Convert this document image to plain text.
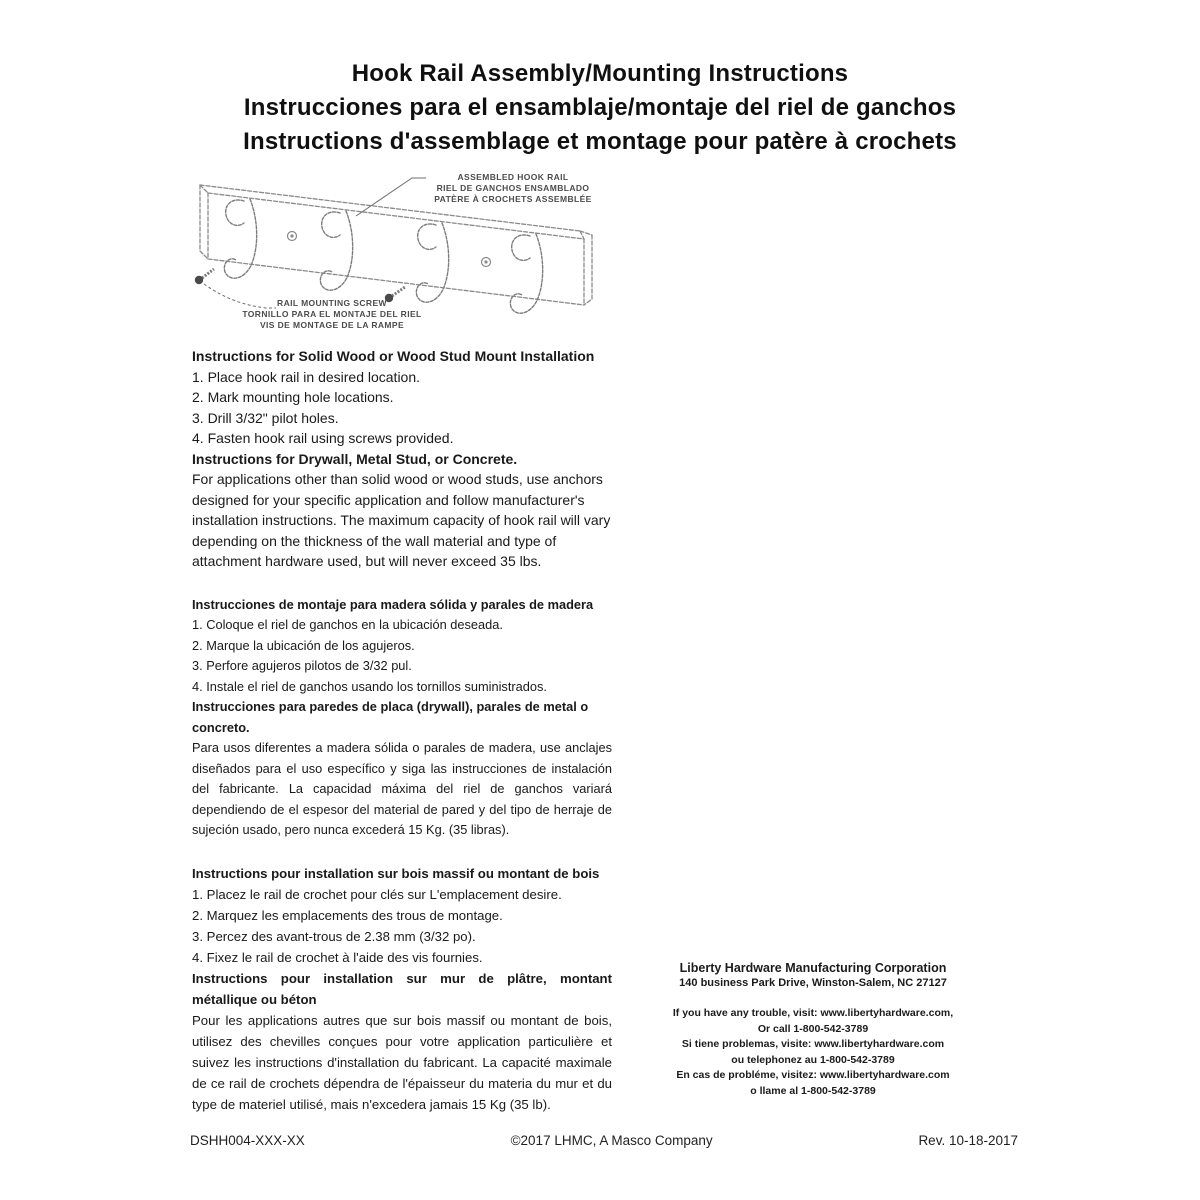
Hook Rail Assembly/Mounting Instructions
Instrucciones para el ensamblaje/montaje del riel de ganchos
Instructions d'assemblage et montage pour patère à crochets
ASSEMBLED HOOK RAIL
RIEL DE GANCHOS ENSAMBLADO
PATÈRE À CROCHETS ASSEMBLÉE
RAIL MOUNTING SCREW
TORNILLO PARA EL MONTAJE DEL RIEL
VIS DE MONTAGE DE LA RAMPE
Instructions for Solid Wood or Wood Stud Mount Installation
1. Place hook rail in desired location.
2. Mark mounting hole locations.
3. Drill 3/32" pilot holes.
4. Fasten hook rail using screws provided.
Instructions for Drywall, Metal Stud, or Concrete.

For applications other than solid wood or wood studs, use anchors designed for your specific application and follow manufacturer's installation instructions. The maximum capacity of hook rail will vary depending on the thickness of the wall material and type of attachment hardware used, but will never exceed 35 lbs.

Instrucciones de montaje para madera sólida y parales de madera
1. Coloque el riel de ganchos en la ubicación deseada.
2. Marque la ubicación de los agujeros.
3. Perfore agujeros pilotos de 3/32 pul.
4. Instale el riel de ganchos usando los tornillos suministrados.
Instrucciones para paredes de placa (drywall), parales de metal o concreto.

Para usos diferentes a madera sólida o parales de madera, use anclajes diseñados para el uso específico y siga las instrucciones de instalación del fabricante. La capacidad máxima del riel de ganchos variará dependiendo de el espesor del material de pared y del tipo de herraje de sujeción usado, pero nunca excederá 15 Kg. (35 libras).

Instructions pour installation sur bois massif ou montant de bois
1. Placez le rail de crochet pour clés sur L'emplacement desire.
2. Marquez les emplacements des trous de montage.
3. Percez des avant-trous de 2.38 mm (3/32 po).
4. Fixez le rail de crochet à l'aide des vis fournies.
Instructions pour installation sur mur de plâtre, montant métallique ou béton

Pour les applications autres que sur bois massif ou montant de bois, utilisez des chevilles conçues pour votre application particulière et suivez les instructions d'installation du fabricant. La capacité maximale de ce rail de crochets dépendra de l'épaisseur du materia du mur et du type de materiel utilisé, mais n'excedera jamais 15 Kg (35 lb).

Liberty Hardware Manufacturing Corporation
140 business Park Drive, Winston-Salem, NC 27127
If you have any trouble, visit: www.libertyhardware.com,
Or call 1-800-542-3789
Si tiene problemas, visite: www.libertyhardware.com
ou telephonez au 1-800-542-3789
En cas de probléme, visitez: www.libertyhardware.com
o llame al 1-800-542-3789
DSHH004-XXX-XX	©2017 LHMC, A Masco Company	Rev. 10-18-2017
